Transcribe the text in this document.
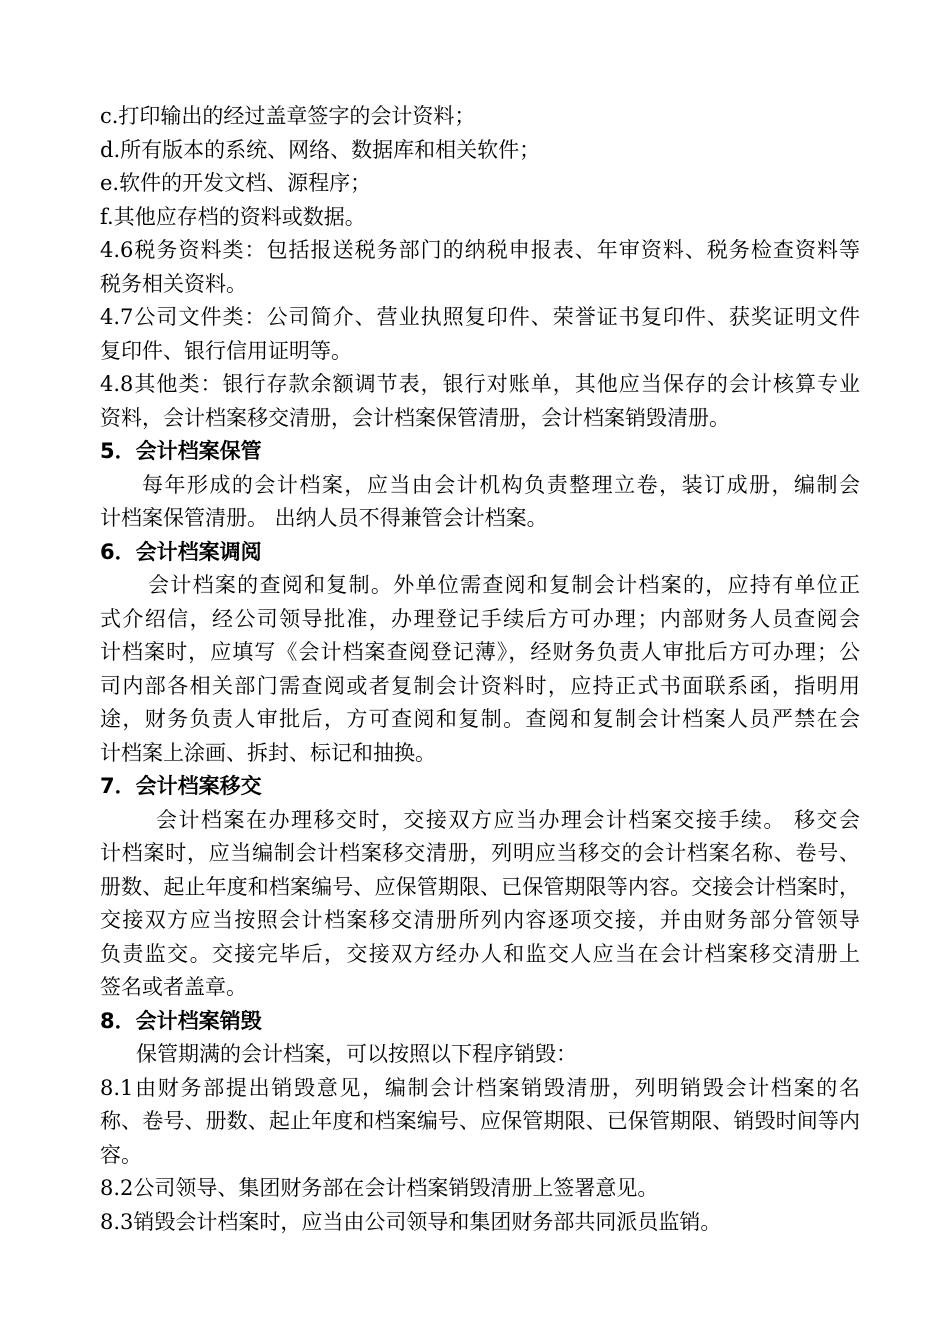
c.打印输出的经过盖章签字的会计资料；
d.所有版本的系统、网络、数据库和相关软件；
e.软件的开发文档、源程序；
f.其他应存档的资料或数据。
4.6税务资料类：包括报送税务部门的纳税申报表、年审资料、税务检查资料等
税务相关资料。
4.7公司文件类：公司简介、营业执照复印件、荣誉证书复印件、获奖证明文件
复印件、银行信用证明等。
4.8其他类：银行存款余额调节表，银行对账单，其他应当保存的会计核算专业
资料，会计档案移交清册，会计档案保管清册，会计档案销毁清册。
5．会计档案保管
每年形成的会计档案，应当由会计机构负责整理立卷，装订成册，编制会
计档案保管清册。 出纳人员不得兼管会计档案。
6．会计档案调阅
会计档案的查阅和复制。外单位需查阅和复制会计档案的，应持有单位正
式介绍信，经公司领导批准，办理登记手续后方可办理；内部财务人员查阅会
计档案时，应填写《会计档案查阅登记薄》，经财务负责人审批后方可办理；公
司内部各相关部门需查阅或者复制会计资料时，应持正式书面联系函，指明用
途，财务负责人审批后，方可查阅和复制。查阅和复制会计档案人员严禁在会
计档案上涂画、拆封、标记和抽换。
7．会计档案移交
会计档案在办理移交时，交接双方应当办理会计档案交接手续。 移交会
计档案时，应当编制会计档案移交清册，列明应当移交的会计档案名称、卷号、
册数、起止年度和档案编号、应保管期限、已保管期限等内容。交接会计档案时，
交接双方应当按照会计档案移交清册所列内容逐项交接，并由财务部分管领导
负责监交。交接完毕后，交接双方经办人和监交人应当在会计档案移交清册上
签名或者盖章。
8．会计档案销毁
保管期满的会计档案，可以按照以下程序销毁：
8.1由财务部提出销毁意见，编制会计档案销毁清册，列明销毁会计档案的名
称、卷号、册数、起止年度和档案编号、应保管期限、已保管期限、销毁时间等内
容。
8.2公司领导、集团财务部在会计档案销毁清册上签署意见。
8.3销毁会计档案时，应当由公司领导和集团财务部共同派员监销。
